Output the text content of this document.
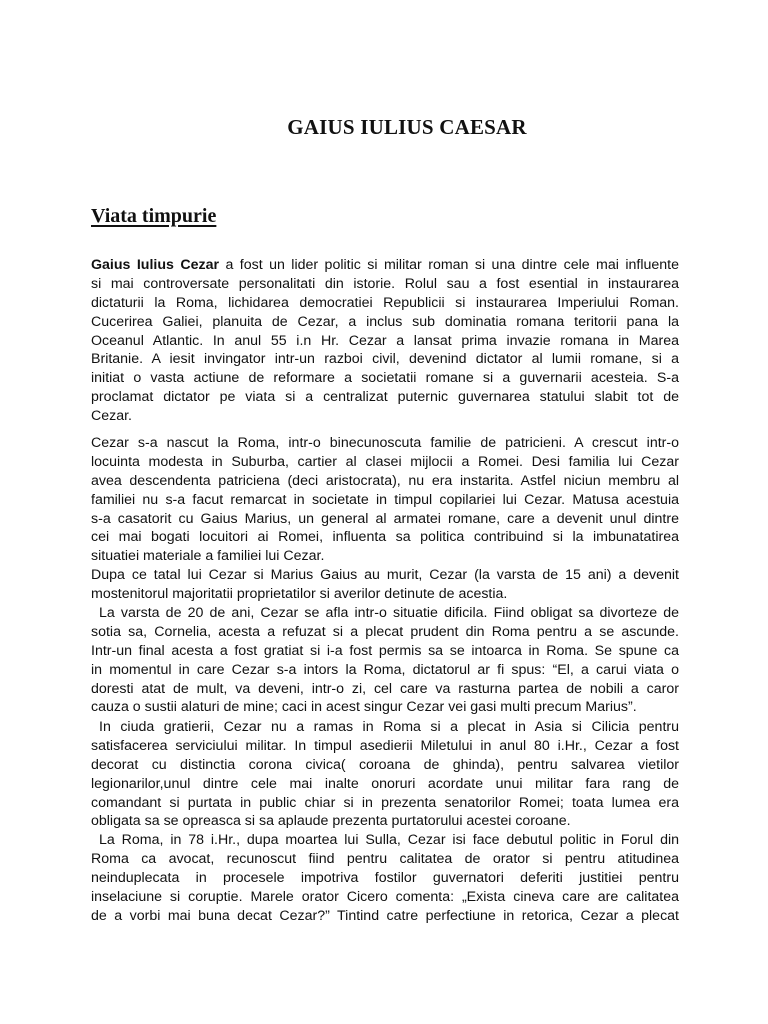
GAIUS IULIUS CAESAR
Viata timpurie
Gaius Iulius Cezar a fost un lider politic si militar roman si una dintre cele mai influente
si mai controversate personalitati din istorie. Rolul sau a fost esential in instaurarea
dictaturii la Roma, lichidarea democratiei Republicii si instaurarea Imperiului Roman.
Cucerirea Galiei, planuita de Cezar, a inclus sub dominatia romana teritorii pana la
Oceanul Atlantic. In anul 55 i.n Hr. Cezar a lansat prima invazie romana in Marea
Britanie. A iesit invingator intr-un razboi civil, devenind dictator al lumii romane, si a
initiat o vasta actiune de reformare a societatii romane si a guvernarii acesteia. S-a
proclamat dictator pe viata si a centralizat puternic guvernarea statului slabit tot de
Cezar.
Cezar s-a nascut la Roma, intr-o binecunoscuta familie de patricieni. A crescut intr-o
locuinta modesta in Suburba, cartier al clasei mijlocii a Romei. Desi familia lui Cezar
avea descendenta patriciena (deci aristocrata), nu era instarita. Astfel niciun membru al
familiei nu s-a facut remarcat in societate in timpul copilariei lui Cezar. Matusa acestuia
s-a casatorit cu Gaius Marius, un general al armatei romane, care a devenit unul dintre
cei mai bogati locuitori ai Romei, influenta sa politica contribuind si la imbunatatirea
situatiei materiale a familiei lui Cezar.
Dupa ce tatal lui Cezar si Marius Gaius au murit, Cezar (la varsta de 15 ani) a devenit
mostenitorul majoritatii proprietatilor si averilor detinute de acestia.
La varsta de 20 de ani, Cezar se afla intr-o situatie dificila. Fiind obligat sa divorteze de
sotia sa, Cornelia, acesta a refuzat si a plecat prudent din Roma pentru a se ascunde.
Intr-un final acesta a fost gratiat si i-a fost permis sa se intoarca in Roma. Se spune ca
in momentul in care Cezar s-a intors la Roma, dictatorul ar fi spus: “El, a carui viata o
doresti atat de mult, va deveni, intr-o zi, cel care va rasturna partea de nobili a caror
cauza o sustii alaturi de mine; caci in acest singur Cezar vei gasi multi precum Marius”.
In ciuda gratierii, Cezar nu a ramas in Roma si a plecat in Asia si Cilicia pentru
satisfacerea serviciului militar. In timpul asedierii Miletului in anul 80 i.Hr., Cezar a fost
decorat cu distinctia corona civica( coroana de ghinda), pentru salvarea vietilor
legionarilor,unul dintre cele mai inalte onoruri acordate unui militar fara rang de
comandant si purtata in public chiar si in prezenta senatorilor Romei; toata lumea era
obligata sa se opreasca si sa aplaude prezenta purtatorului acestei coroane.
La Roma, in 78 i.Hr., dupa moartea lui Sulla, Cezar isi face debutul politic in Forul din
Roma ca avocat, recunoscut fiind pentru calitatea de orator si pentru atitudinea
neinduplecata in procesele impotriva fostilor guvernatori deferiti justitiei pentru
inselaciune si coruptie. Marele orator Cicero comenta: „Exista cineva care are calitatea
de a vorbi mai buna decat Cezar?” Tintind catre perfectiune in retorica, Cezar a plecat
